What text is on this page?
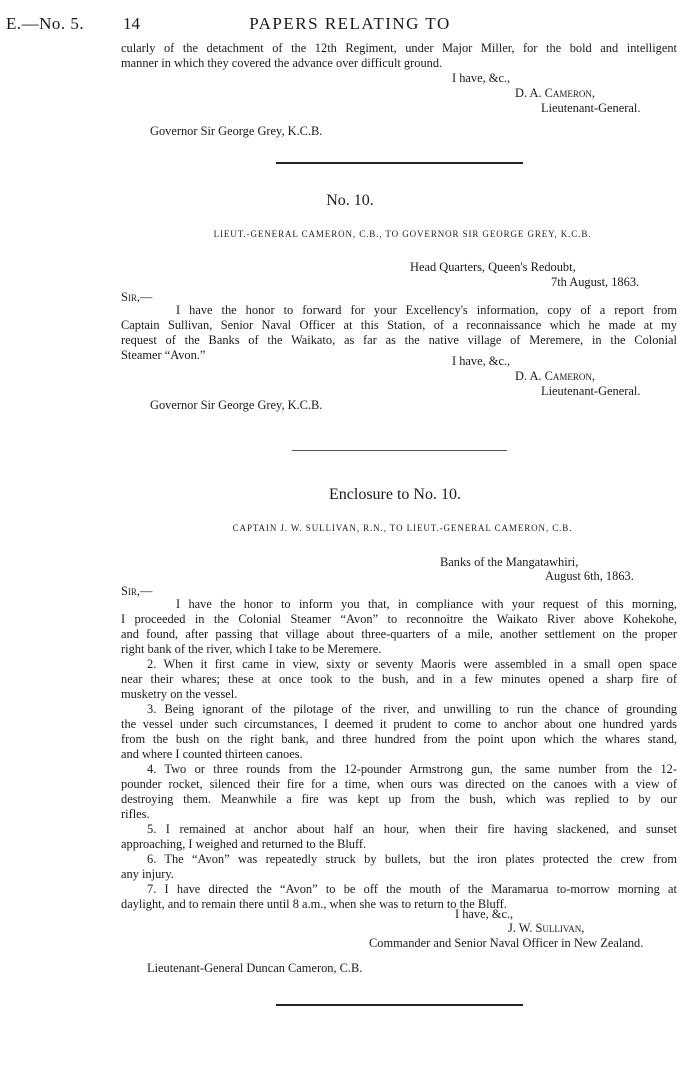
PAPERS RELATING TO
E.—No. 5. 14
cularly of the detachment of the 12th Regiment, under Major Miller, for the bold and intelligent
manner in which they covered the advance over difficult ground.
I have, &c.,
D. A. Cameron,
Lieutenant-General.
Governor Sir George Grey, K.C.B.
No. 10.
LIEUT.-GENERAL CAMERON, C.B., TO GOVERNOR SIR GEORGE GREY, K.C.B.
Head Quarters, Queen's Redoubt,
7th August, 1863.
Sir,—
I have the honor to forward for your Excellency's information, copy of a report from
Captain Sullivan, Senior Naval Officer at this Station, of a reconnaissance which he made at my
request of the Banks of the Waikato, as far as the native village of Meremere, in the Colonial
Steamer “Avon.”	I have, &c.,
D. A. Cameron,
Lieutenant-General.
Governor Sir George Grey, K.C.B.
Enclosure to No. 10.
CAPTAIN J. W. SULLIVAN, R.N., TO LIEUT.-GENERAL CAMERON, C.B.
Banks of the Mangatawhiri,
August 6th, 1863.
Sir,—
I have the honor to inform you that, in compliance with your request of this morning,
I proceeded in the Colonial Steamer “Avon” to reconnoitre the Waikato River above Kohekohe,
and found, after passing that village about three-quarters of a mile, another settlement on the proper
right bank of the river, which I take to be Meremere.
2. When it first came in view, sixty or seventy Maoris were assembled in a small open space
near their whares; these at once took to the bush, and in a few minutes opened a sharp fire of
musketry on the vessel.
3. Being ignorant of the pilotage of the river, and unwilling to run the chance of grounding
the vessel under such circumstances, I deemed it prudent to come to anchor about one hundred yards
from the bush on the right bank, and three hundred from the point upon which the whares stand,
and where I counted thirteen canoes.
4. Two or three rounds from the 12-pounder Armstrong gun, the same number from the 12-
pounder rocket, silenced their fire for a time, when ours was directed on the canoes with a view of
destroying them. Meanwhile a fire was kept up from the bush, which was replied to by our
rifles.
5. I remained at anchor about half an hour, when their fire having slackened, and sunset
approaching, I weighed and returned to the Bluff.
6. The “Avon” was repeatedly struck by bullets, but the iron plates protected the crew from
any injury.
7. I have directed the “Avon” to be off the mouth of the Maramarua to-morrow morning at
daylight, and to remain there until 8 a.m., when she was to return to the Bluff.
I have, &c.,
J. W. Sullivan,
Commander and Senior Naval Officer in New Zealand.
Lieutenant-General Duncan Cameron, C.B.
